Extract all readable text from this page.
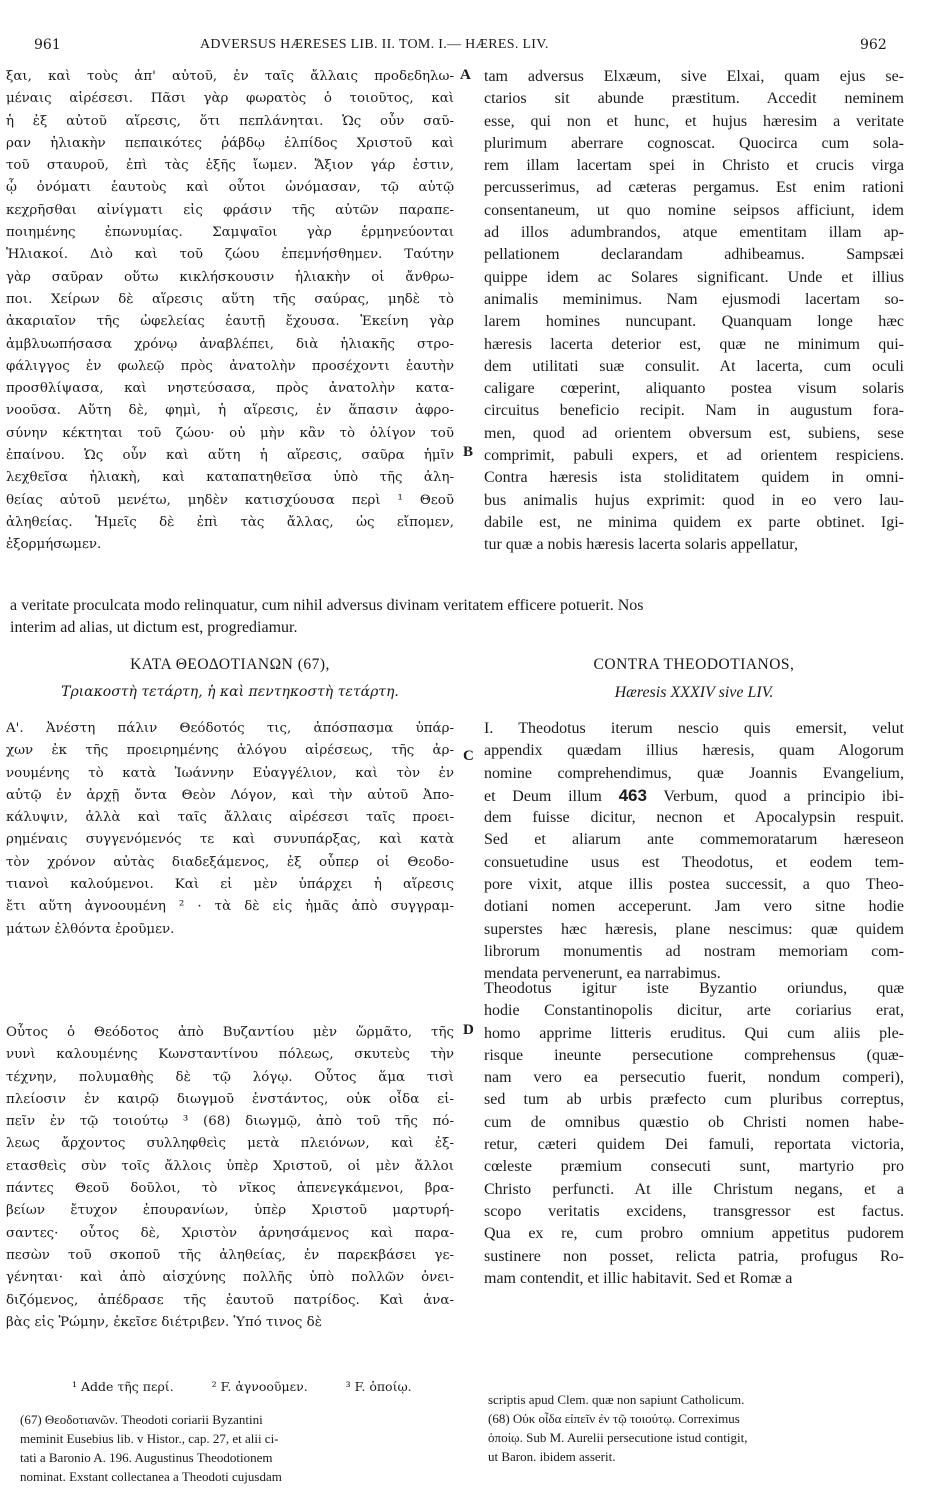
961	ADVERSUS HÆRESES LIB. II. TOM. I.— HÆRES. LIV.	962
ξαι, καὶ τοὺς ἀπ' αὐτοῦ, ἐν ταῖς ἄλλαις προδεδηλω-
μέναις αἱρέσεσι. Πᾶσι γὰρ φωρατὸς ὁ τοιοῦτος, καὶ
ἡ ἐξ αὐτοῦ αἵρεσις, ὅτι πεπλάνηται. Ὡς οὖν σαῦ-
ραν ἡλιακὴν πεπαικότες ῥάβδῳ ἐλπίδος Χριστοῦ καὶ
τοῦ σταυροῦ, ἐπὶ τὰς ἑξῆς ἴωμεν. Ἄξιον γάρ ἐστιν,
ᾧ ὀνόματι ἑαυτοὺς καὶ οὗτοι ὠνόμασαν, τῷ αὐτῷ
κεχρῆσθαι αἰνίγματι εἰς φράσιν τῆς αὐτῶν παραπε-
ποιημένης ἐπωνυμίας. Σαμψαῖοι γὰρ ἑρμηνεύονται
Ἡλιακοί. Διὸ καὶ τοῦ ζώου ἐπεμνήσθημεν. Ταύτην
γὰρ σαῦραν οὕτω κικλήσκουσιν ἡλιακὴν οἱ ἄνθρω-
ποι. Χείρων δὲ αἵρεσις αὕτη τῆς σαύρας, μηδὲ τὸ
ἀκαριαῖον τῆς ὠφελείας ἑαυτῇ ἔχουσα. Ἐκείνη γὰρ
ἀμβλυωπήσασα χρόνῳ ἀναβλέπει, διὰ ἡλιακῆς στρο-
φάλιγγος ἐν φωλεῷ πρὸς ἀνατολὴν προσέχοντι ἑαυτὴν
προσθλίψασα, καὶ νηστεύσασα, πρὸς ἀνατολὴν κατα-
νοοῦσα. Αὕτη δὲ, φημὶ, ἡ αἵρεσις, ἐν ἅπασιν ἀφρο-
σύνην κέκτηται τοῦ ζώου· οὐ μὴν κἂν τὸ ὀλίγον τοῦ
ἐπαίνου. Ὡς οὖν καὶ αὕτη ἡ αἵρεσις, σαῦρα ἡμῖν
λεχθεῖσα ἡλιακὴ, καὶ καταπατηθεῖσα ὑπὸ τῆς ἀλη-
θείας αὐτοῦ μενέτω, μηδὲν κατισχύουσα περὶ ¹ Θεοῦ
ἀληθείας. Ἡμεῖς δὲ ἐπὶ τὰς ἄλλας, ὡς εἴπομεν,
ἐξορμήσωμεν.
tam adversus Elxæum, sive Elxai, quam ejus se-
ctarios sit abunde præstitum. Accedit neminem
esse, qui non et hunc, et hujus hæresim a veritate
plurimum aberrare cognoscat. Quocirca cum sola-
rem illam lacertam spei in Christo et crucis virga
percusserimus, ad cæteras pergamus. Est enim rationi
consentaneum, ut quo nomine seipsos afficiunt, idem
ad illos adumbrandos, atque ementitam illam ap-
pellationem declarandam adhibeamus. Sampsæi
quippe idem ac Solares significant. Unde et illius
animalis meminimus. Nam ejusmodi lacertam so-
larem homines nuncupant. Quanquam longe hæc
hæresis lacerta deterior est, quæ ne minimum qui-
dem utilitati suæ consulit. At lacerta, cum oculi
caligare cœperint, aliquanto postea visum solaris
circuitus beneficio recipit. Nam in augustum fora-
men, quod ad orientem obversum est, subiens, sese
comprimit, pabuli expers, et ad orientem respiciens.
Contra hæresis ista stoliditatem quidem in omni-
bus animalis hujus exprimit: quod in eo vero lau-
dabile est, ne minima quidem ex parte obtinet. Igi-
tur quæ a nobis hæresis lacerta solaris appellatur,
A
B
C
D
a veritate proculcata modo relinquatur, cum nihil adversus divinam veritatem efficere potuerit. Nos
interim ad alias, ut dictum est, progrediamur.
ΚΑΤΑ ΘΕΟΔΟΤΙΑΝΩΝ (67),
Τριακοστὴ τετάρτη, ἡ καὶ πεντηκοστὴ τετάρτη.
CONTRA THEODOTIANOS,
Hæresis XXXIV sive LIV.
Α'. Ἀνέστη πάλιν Θεόδοτός τις, ἀπόσπασμα ὑπάρ-
χων ἐκ τῆς προειρημένης ἀλόγου αἱρέσεως, τῆς ἀρ-
νουμένης τὸ κατὰ Ἰωάννην Εὐαγγέλιον, καὶ τὸν ἐν
αὐτῷ ἐν ἀρχῇ ὄντα Θεὸν Λόγον, καὶ τὴν αὐτοῦ Ἀπο-
κάλυψιν, ἀλλὰ καὶ ταῖς ἄλλαις αἱρέσεσι ταῖς προει-
ρημέναις συγγενόμενός τε καὶ συνυπάρξας, καὶ κατὰ
τὸν χρόνον αὐτὰς διαδεξάμενος, ἐξ οὗπερ οἱ Θεοδο-
τιανοὶ καλούμενοι. Καὶ εἰ μὲν ὑπάρχει ἡ αἵρεσις
ἔτι αὕτη ἀγνοουμένη ² · τὰ δὲ εἰς ἡμᾶς ἀπὸ συγγραμ-
μάτων ἐλθόντα ἐροῦμεν.
I. Theodotus iterum nescio quis emersit, velut
appendix quædam illius hæresis, quam Alogorum
nomine comprehendimus, quæ Joannis Evangelium,
et Deum illum 463 Verbum, quod a principio ibi-
dem fuisse dicitur, necnon et Apocalypsin respuit.
Sed et aliarum ante commemoratarum hæreseon
consuetudine usus est Theodotus, et eodem tem-
pore vixit, atque illis postea successit, a quo Theo-
dotiani nomen acceperunt. Jam vero sitne hodie
superstes hæc hæresis, plane nescimus: quæ quidem
librorum monumentis ad nostram memoriam com-
mendata pervenerunt, ea narrabimus.
Οὗτος ὁ Θεόδοτος ἀπὸ Βυζαντίου μὲν ὥρμᾶτο, τῆς
νυνὶ καλουμένης Κωνσταντίνου πόλεως, σκυτεὺς τὴν
τέχνην, πολυμαθὴς δὲ τῷ λόγῳ. Οὗτος ἅμα τισὶ
πλείοσιν ἐν καιρῷ διωγμοῦ ἐνστάντος, οὐκ οἶδα εἰ-
πεῖν ἐν τῷ τοιούτῳ ³ (68) διωγμῷ, ἀπὸ τοῦ τῆς πό-
λεως ἄρχοντος συλληφθεὶς μετὰ πλειόνων, καὶ ἐξ-
ετασθεὶς σὺν τοῖς ἄλλοις ὑπὲρ Χριστοῦ, οἱ μὲν ἄλλοι
πάντες Θεοῦ δοῦλοι, τὸ νῖκος ἀπενεγκάμενοι, βρα-
βείων ἔτυχον ἐπουρανίων, ὑπὲρ Χριστοῦ μαρτυρή-
σαντες· οὗτος δὲ, Χριστὸν ἀρνησάμενος καὶ παρα-
πεσὼν τοῦ σκοποῦ τῆς ἀληθείας, ἐν παρεκβάσει γε-
γένηται· καὶ ἀπὸ αἰσχύνης πολλῆς ὑπὸ πολλῶν ὀνει-
διζόμενος, ἀπέδρασε τῆς ἑαυτοῦ πατρίδος. Καὶ ἀνα-
βὰς εἰς Ῥώμην, ἐκεῖσε διέτριβεν. Ὑπό τινος δὲ
Theodotus igitur iste Byzantio oriundus, quæ
hodie Constantinopolis dicitur, arte coriarius erat,
homo apprime litteris eruditus. Qui cum aliis ple-
risque ineunte persecutione comprehensus (quæ-
nam vero ea persecutio fuerit, nondum comperi),
sed tum ab urbis præfecto cum pluribus correptus,
cum de omnibus quæstio ob Christi nomen habe-
retur, cæteri quidem Dei famuli, reportata victoria,
cœleste præmium consecuti sunt, martyrio pro
Christo perfuncti. At ille Christum negans, et a
scopo veritatis excidens, transgressor est factus.
Qua ex re, cum probro omnium appetitus pudorem
sustinere non posset, relicta patria, profugus Ro-
mam contendit, et illic habitavit. Sed et Romæ a
¹ Adde τῆς περί.	² F. ἀγνοοῦμεν.	³ F. ὁποίῳ.
(67) Θεοδοτιανῶν. Theodoti coriarii Byzantini
meminit Eusebius lib. v Histor., cap. 27, et alii ci-
tati a Baronio A. 196. Augustinus Theodotionem
nominat. Exstant collectanea a Theodoti cujusdam
scriptis apud Clem. quæ non sapiunt Catholicum.
(68) Οὐκ οἶδα εἰπεῖν ἐν τῷ τοιούτῳ. Correximus
ὁποίῳ. Sub M. Aurelii persecutione istud contigit,
ut Baron. ibidem asserit.
